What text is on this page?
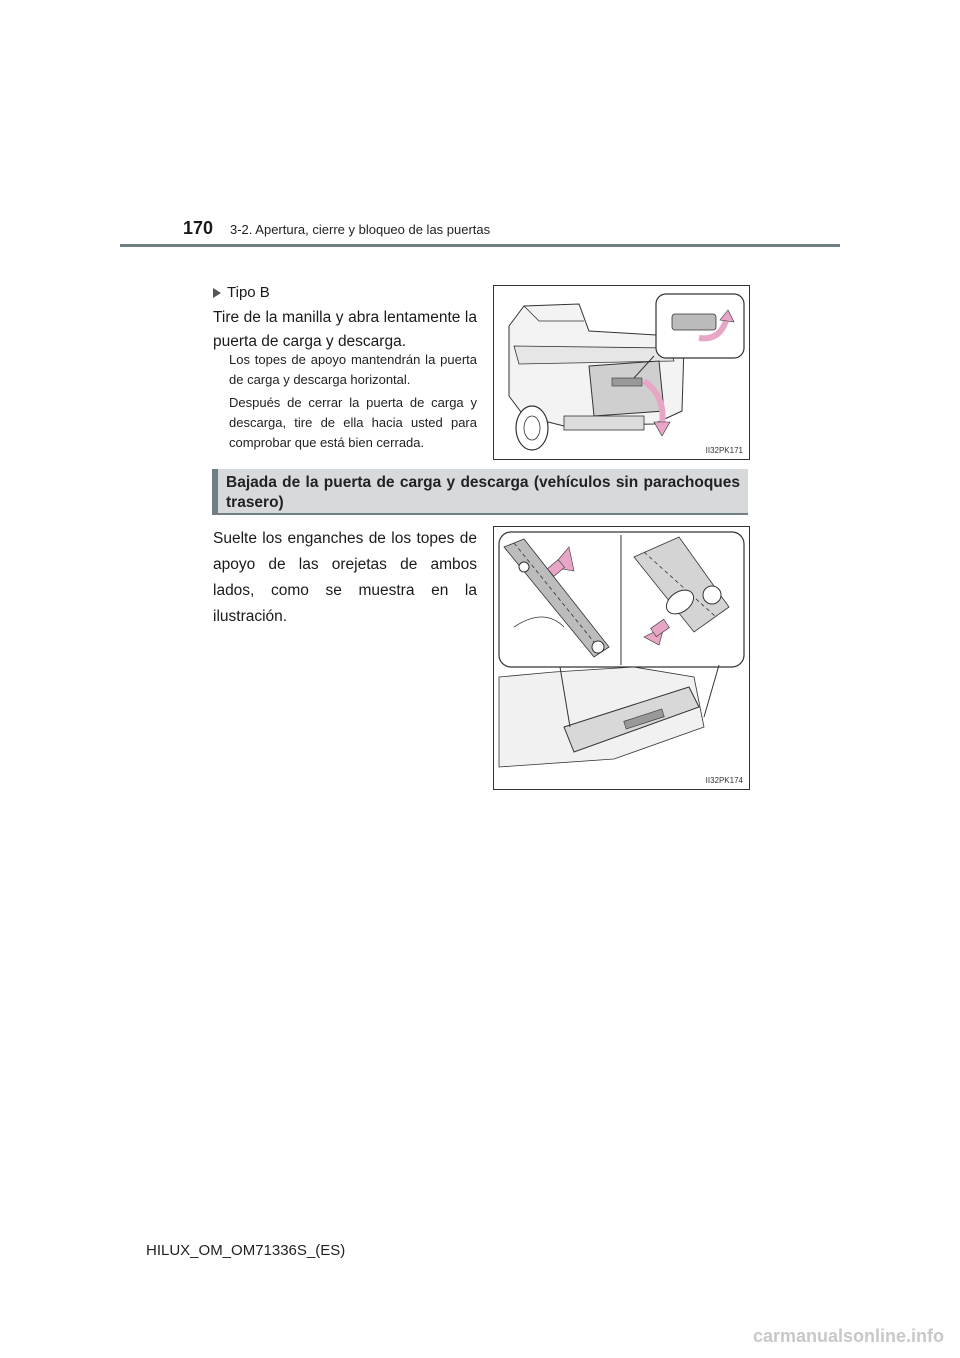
170 3-2. Apertura, cierre y bloqueo de las puertas
Tipo B
Tire de la manilla y abra lentamente la puerta de carga y descarga.
Los topes de apoyo mantendrán la puerta de carga y descarga horizontal.
Después de cerrar la puerta de carga y descarga, tire de ella hacia usted para comprobar que está bien cerrada.
II32PK171
Bajada de la puerta de carga y descarga (vehículos sin parachoques trasero)
Suelte los enganches de los topes de apoyo de las orejetas de ambos lados, como se muestra en la ilustración.
II32PK174
HILUX_OM_OM71336S_(ES)
carmanualsonline.info
